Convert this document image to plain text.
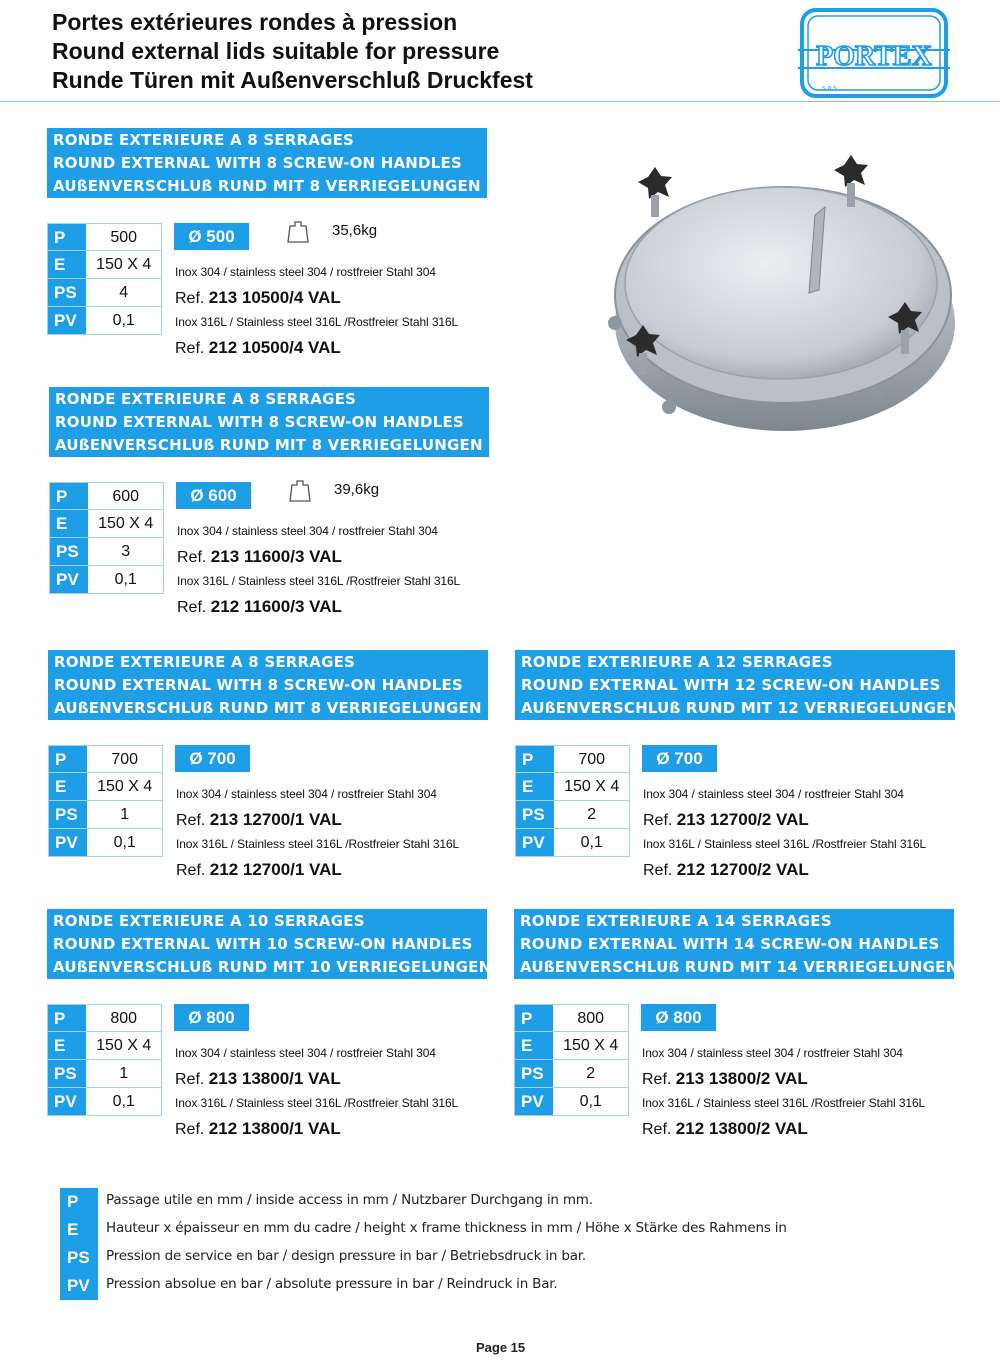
Portes extérieures rondes à pression
Round external lids suitable for pressure
Runde Türen mit Außenverschluß Druckfest
PORTEX
s.a.s
RONDE EXTERIEURE A 8 SERRAGES
ROUND EXTERNAL WITH 8 SCREW-ON HANDLES
AUßENVERSCHLUß RUND MIT 8 VERRIEGELUNGEN
P	500
E	150 X 4
PS	4
PV	0,1
Ø 500	35,6kg
Inox 304 / stainless steel 304 / rostfreier Stahl 304
Ref. 213 10500/4 VAL
Inox 316L / Stainless steel 316L /Rostfreier Stahl 316L
Ref. 212 10500/4 VAL
RONDE EXTERIEURE A 8 SERRAGES
ROUND EXTERNAL WITH 8 SCREW-ON HANDLES
AUßENVERSCHLUß RUND MIT 8 VERRIEGELUNGEN
P	600
E	150 X 4
PS	3
PV	0,1
Ø 600	39,6kg
Inox 304 / stainless steel 304 / rostfreier Stahl 304
Ref. 213 11600/3 VAL
Inox 316L / Stainless steel 316L /Rostfreier Stahl 316L
Ref. 212 11600/3 VAL
RONDE EXTERIEURE A 8 SERRAGES
ROUND EXTERNAL WITH 8 SCREW-ON HANDLES
AUßENVERSCHLUß RUND MIT 8 VERRIEGELUNGEN
P	700
E	150 X 4
PS	1
PV	0,1
Ø 700
Inox 304 / stainless steel 304 / rostfreier Stahl 304
Ref. 213 12700/1 VAL
Inox 316L / Stainless steel 316L /Rostfreier Stahl 316L
Ref. 212 12700/1 VAL
RONDE EXTERIEURE A 12 SERRAGES
ROUND EXTERNAL WITH 12 SCREW-ON HANDLES
AUßENVERSCHLUß RUND MIT 12 VERRIEGELUNGEN
P	700
E	150 X 4
PS	2
PV	0,1
Ø 700
Inox 304 / stainless steel 304 / rostfreier Stahl 304
Ref. 213 12700/2 VAL
Inox 316L / Stainless steel 316L /Rostfreier Stahl 316L
Ref. 212 12700/2 VAL
RONDE EXTERIEURE A 10 SERRAGES
ROUND EXTERNAL WITH 10 SCREW-ON HANDLES
AUßENVERSCHLUß RUND MIT 10 VERRIEGELUNGEN
P	800
E	150 X 4
PS	1
PV	0,1
Ø 800
Inox 304 / stainless steel 304 / rostfreier Stahl 304
Ref. 213 13800/1 VAL
Inox 316L / Stainless steel 316L /Rostfreier Stahl 316L
Ref. 212 13800/1 VAL
RONDE EXTERIEURE A 14 SERRAGES
ROUND EXTERNAL WITH 14 SCREW-ON HANDLES
AUßENVERSCHLUß RUND MIT 14 VERRIEGELUNGEN
P	800
E	150 X 4
PS	2
PV	0,1
Ø 800
Inox 304 / stainless steel 304 / rostfreier Stahl 304
Ref. 213 13800/2 VAL
Inox 316L / Stainless steel 316L /Rostfreier Stahl 316L
Ref. 212 13800/2 VAL
P	Passage utile en mm / inside access in mm / Nutzbarer Durchgang in mm.
E	Hauteur x épaisseur en mm du cadre / height x frame thickness in mm / Höhe x Stärke des Rahmens in
PS	Pression de service en bar / design pressure in bar / Betriebsdruck in bar.
PV	Pression absolue en bar / absolute pressure in bar / Reindruck in Bar.
Page 15
